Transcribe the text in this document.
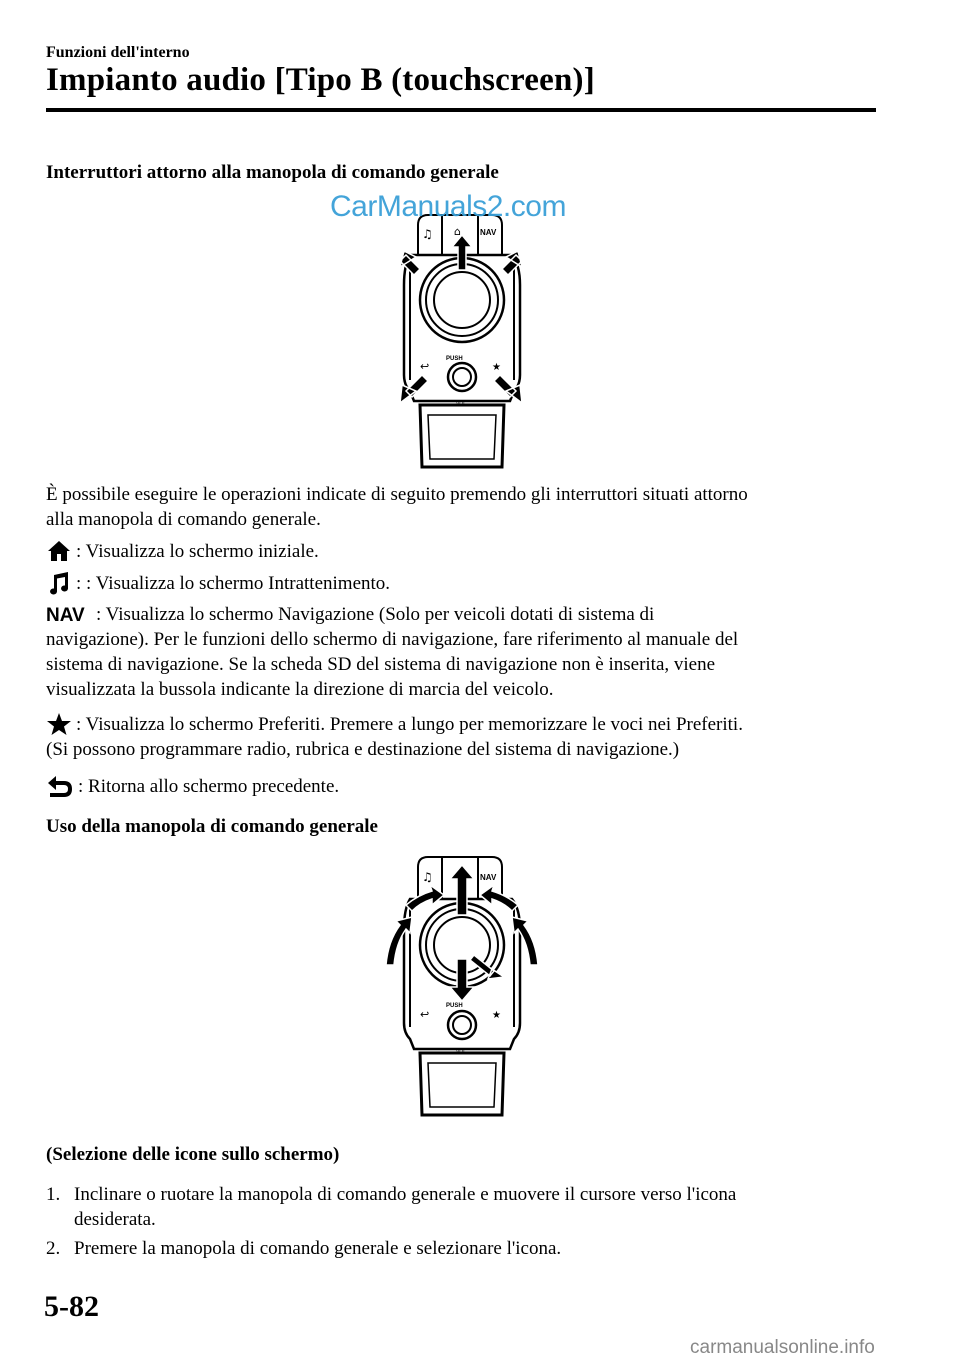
Funzioni dell'interno
Impianto audio [Tipo B (touchscreen)]
Interruttori attorno alla manopola di comando generale
♫ ⌂ NAV
PUSH
VOL
↩	★
È possibile eseguire le operazioni indicate di seguito premendo gli interruttori situati attorno
alla manopola di comando generale.
: Visualizza lo schermo iniziale.
: : Visualizza lo schermo Intrattenimento.
NAV : Visualizza lo schermo Navigazione (Solo per veicoli dotati di sistema di
navigazione). Per le funzioni dello schermo di navigazione, fare riferimento al manuale del
sistema di navigazione. Se la scheda SD del sistema di navigazione non è inserita, viene
visualizzata la bussola indicante la direzione di marcia del veicolo.
: Visualizza lo schermo Preferiti. Premere a lungo per memorizzare le voci nei Preferiti.
(Si possono programmare radio, rubrica e destinazione del sistema di navigazione.)
: Ritorna allo schermo precedente.
Uso della manopola di comando generale
♫	NAV
PUSH
VOL
↩	★
(Selezione delle icone sullo schermo)
1. Inclinare o ruotare la manopola di comando generale e muovere il cursore verso l'icona
desiderata.
2. Premere la manopola di comando generale e selezionare l'icona.
CarManuals2.com
5-82
carmanualsonline.info
